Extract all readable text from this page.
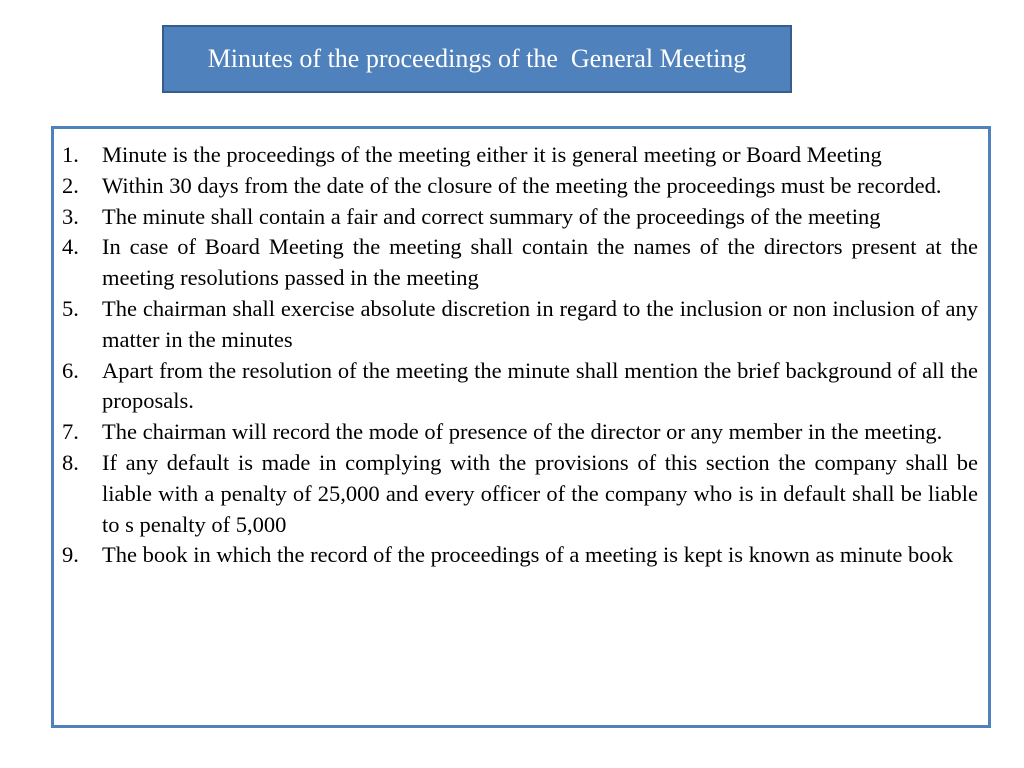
Minutes of the proceedings of the  General Meeting
1.	Minute is the proceedings of the meeting either it is general meeting or Board Meeting
2.	Within 30 days from the date of the closure of the meeting the proceedings must be recorded.
3.	The minute shall contain a fair and correct summary of the proceedings of the meeting
4.	In case of Board Meeting the meeting shall contain the names of the directors present at the meeting resolutions passed in the meeting
5.	The chairman shall exercise absolute discretion in regard to the inclusion or non inclusion of any matter in the minutes
6.	Apart from the resolution of the meeting the minute shall mention the brief background of all the proposals.
7.	The chairman will record the mode of presence of the director or any member in the meeting.
8.	If any default is made in complying with the provisions of this section the company shall be liable with a penalty of 25,000 and every officer of the company who is in default shall be liable to s penalty of 5,000
9.	The book in which the record of the proceedings of a meeting is kept is known as minute book
